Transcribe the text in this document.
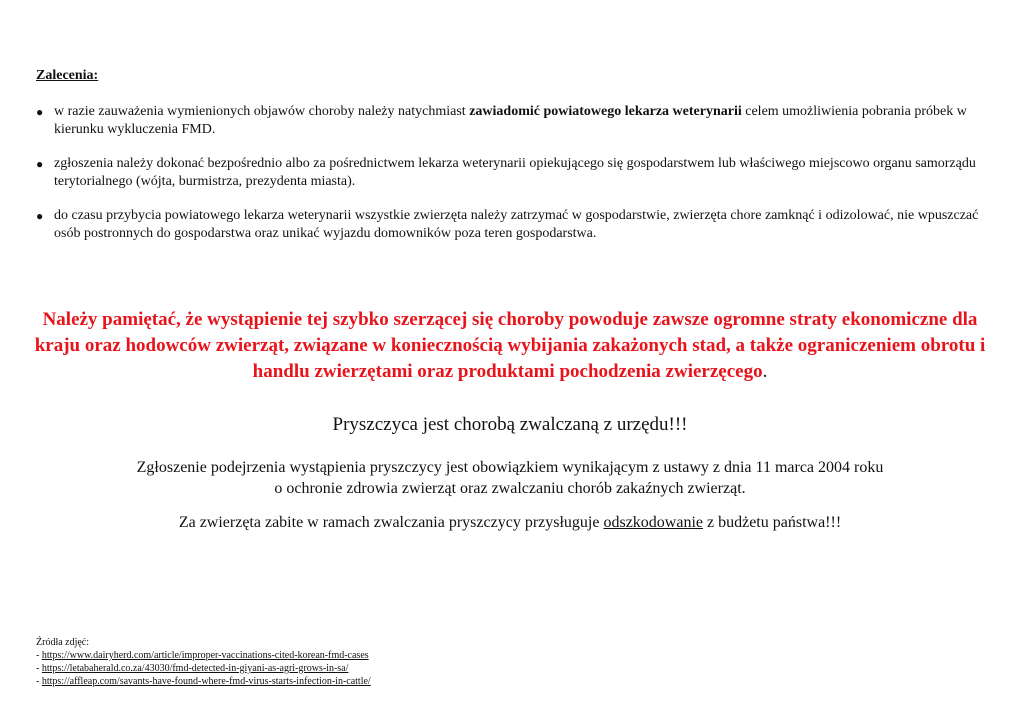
Zalecenia:
● w razie zauważenia wymienionych objawów choroby należy natychmiast zawiadomić powiatowego lekarza weterynarii celem umożliwienia pobrania próbek w kierunku wykluczenia FMD.
● zgłoszenia należy dokonać bezpośrednio albo za pośrednictwem lekarza weterynarii opiekującego się gospodarstwem lub właściwego miejscowo organu samorządu terytorialnego (wójta, burmistrza, prezydenta miasta).
● do czasu przybycia powiatowego lekarza weterynarii wszystkie zwierzęta należy zatrzymać w gospodarstwie, zwierzęta chore zamknąć i odizolować, nie wpuszczać osób postronnych do gospodarstwa oraz unikać wyjazdu domowników poza teren gospodarstwa.
Należy pamiętać, że wystąpienie tej szybko szerzącej się choroby powoduje zawsze ogromne straty ekonomiczne dla kraju oraz hodowców zwierząt, związane w koniecznością wybijania zakażonych stad, a także ograniczeniem obrotu i handlu zwierzętami oraz produktami pochodzenia zwierzęcego.
Pryszczyca jest chorobą zwalczaną z urzędu!!!
Zgłoszenie podejrzenia wystąpienia pryszczycy jest obowiązkiem wynikającym z ustawy z dnia 11 marca 2004 roku
o ochronie zdrowia zwierząt oraz zwalczaniu chorób zakaźnych zwierząt.
Za zwierzęta zabite w ramach zwalczania pryszczycy przysługuje odszkodowanie z budżetu państwa!!!
Źródła zdjęć:
- https://www.dairyherd.com/article/improper-vaccinations-cited-korean-fmd-cases
- https://letabaherald.co.za/43030/fmd-detected-in-giyani-as-agri-grows-in-sa/
- https://affleap.com/savants-have-found-where-fmd-virus-starts-infection-in-cattle/
